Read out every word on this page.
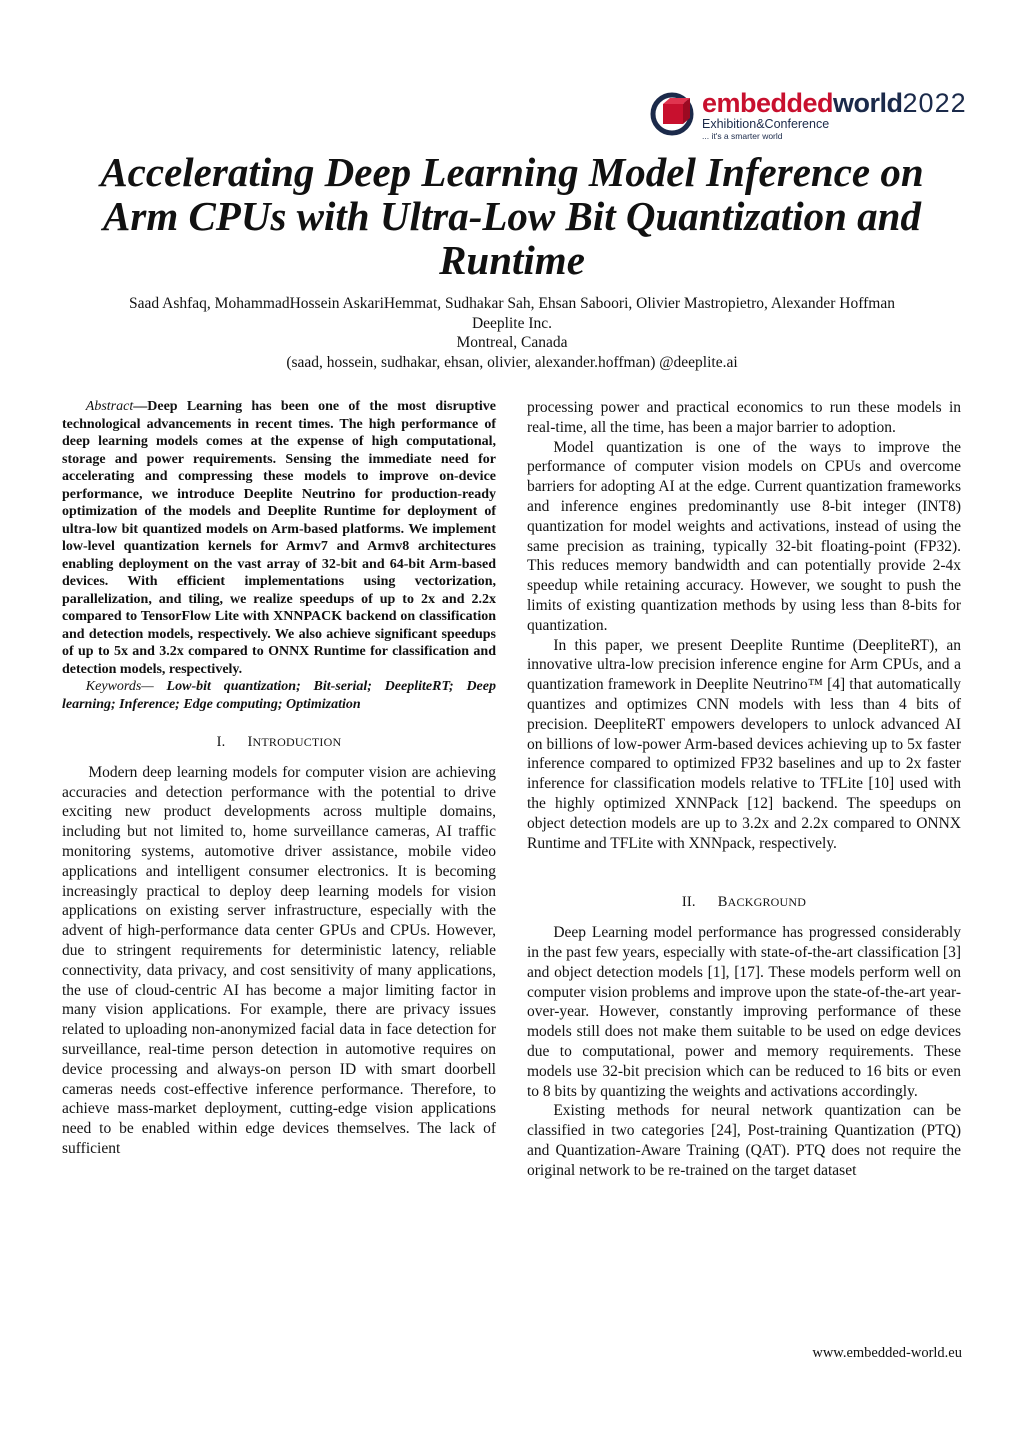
embeddedworld2022
Exhibition&Conference
... it's a smarter world
Accelerating Deep Learning Model Inference on Arm CPUs with Ultra-Low Bit Quantization and Runtime
Saad Ashfaq, MohammadHossein AskariHemmat, Sudhakar Sah, Ehsan Saboori, Olivier Mastropietro, Alexander Hoffman
Deeplite Inc.
Montreal, Canada
(saad, hossein, sudhakar, ehsan, olivier, alexander.hoffman) @deeplite.ai

Abstract—Deep Learning has been one of the most disruptive technological advancements in recent times. The high performance of deep learning models comes at the expense of high computational, storage and power requirements. Sensing the immediate need for accelerating and compressing these models to improve on-device performance, we introduce Deeplite Neutrino for production-ready optimization of the models and Deeplite Runtime for deployment of ultra-low bit quantized models on Arm-based platforms. We implement low-level quantization kernels for Armv7 and Armv8 architectures enabling deployment on the vast array of 32-bit and 64-bit Arm-based devices. With efficient implementations using vectorization, parallelization, and tiling, we realize speedups of up to 2x and 2.2x compared to TensorFlow Lite with XNNPACK backend on classification and detection models, respectively. We also achieve significant speedups of up to 5x and 3.2x compared to ONNX Runtime for classification and detection models, respectively.

Keywords— Low-bit quantization; Bit-serial; DeepliteRT; Deep learning; Inference; Edge computing; Optimization

I. INTRODUCTION

Modern deep learning models for computer vision are achieving accuracies and detection performance with the potential to drive exciting new product developments across multiple domains, including but not limited to, home surveillance cameras, AI traffic monitoring systems, automotive driver assistance, mobile video applications and intelligent consumer electronics. It is becoming increasingly practical to deploy deep learning models for vision applications on existing server infrastructure, especially with the advent of high-performance data center GPUs and CPUs. However, due to stringent requirements for deterministic latency, reliable connectivity, data privacy, and cost sensitivity of many applications, the use of cloud-centric AI has become a major limiting factor in many vision applications. For example, there are privacy issues related to uploading non-anonymized facial data in face detection for surveillance, real-time person detection in automotive requires on device processing and always-on person ID with smart doorbell cameras needs cost-effective inference performance. Therefore, to achieve mass-market deployment, cutting-edge vision applications need to be enabled within edge devices themselves. The lack of sufficient

processing power and practical economics to run these models in real-time, all the time, has been a major barrier to adoption.

Model quantization is one of the ways to improve the performance of computer vision models on CPUs and overcome barriers for adopting AI at the edge. Current quantization frameworks and inference engines predominantly use 8-bit integer (INT8) quantization for model weights and activations, instead of using the same precision as training, typically 32-bit floating-point (FP32). This reduces memory bandwidth and can potentially provide 2-4x speedup while retaining accuracy. However, we sought to push the limits of existing quantization methods by using less than 8-bits for quantization.

In this paper, we present Deeplite Runtime (DeepliteRT), an innovative ultra-low precision inference engine for Arm CPUs, and a quantization framework in Deeplite Neutrino™ [4] that automatically quantizes and optimizes CNN models with less than 4 bits of precision. DeepliteRT empowers developers to unlock advanced AI on billions of low-power Arm-based devices achieving up to 5x faster inference compared to optimized FP32 baselines and up to 2x faster inference for classification models relative to TFLite [10] used with the highly optimized XNNPack [12] backend. The speedups on object detection models are up to 3.2x and 2.2x compared to ONNX Runtime and TFLite with XNNpack, respectively.

II. BACKGROUND

Deep Learning model performance has progressed considerably in the past few years, especially with state-of-the-art classification [3] and object detection models [1], [17]. These models perform well on computer vision problems and improve upon the state-of-the-art year-over-year. However, constantly improving performance of these models still does not make them suitable to be used on edge devices due to computational, power and memory requirements. These models use 32-bit precision which can be reduced to 16 bits or even to 8 bits by quantizing the weights and activations accordingly.

Existing methods for neural network quantization can be classified in two categories [24], Post-training Quantization (PTQ) and Quantization-Aware Training (QAT). PTQ does not require the original network to be re-trained on the target dataset

www.embedded-world.eu
